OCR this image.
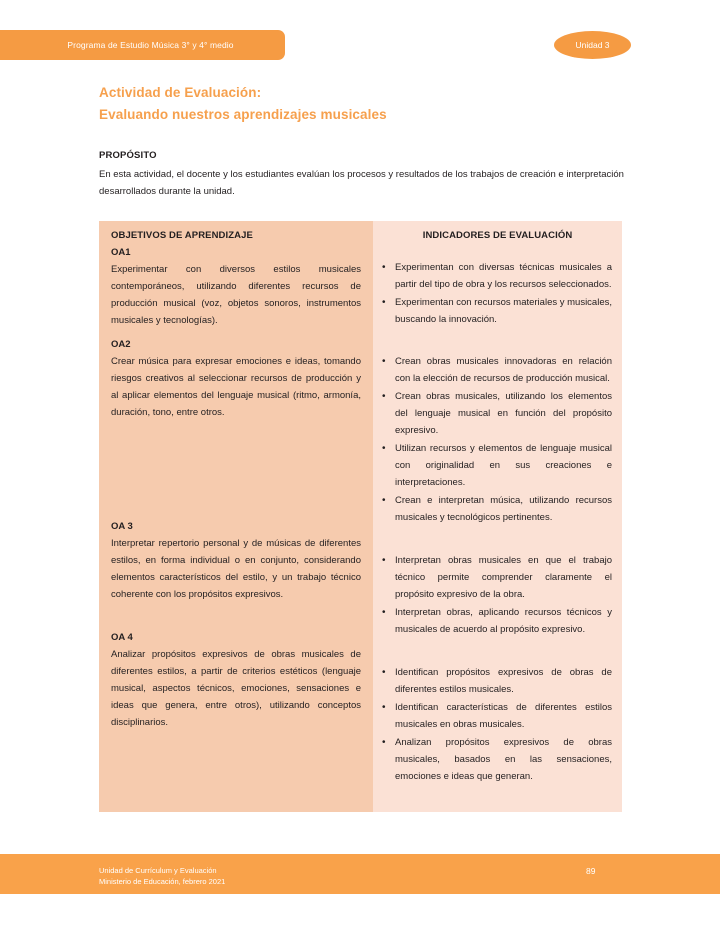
Programa de Estudio Música 3° y 4° medio	Unidad 3
Actividad de Evaluación:
Evaluando nuestros aprendizajes musicales
PROPÓSITO
En esta actividad, el docente y los estudiantes evalúan los procesos y resultados de los trabajos de creación e interpretación desarrollados durante la unidad.
OBJETIVOS DE APRENDIZAJE
OA1
Experimentar con diversos estilos musicales contemporáneos, utilizando diferentes recursos de producción musical (voz, objetos sonoros, instrumentos musicales y tecnologías).
OA2
Crear música para expresar emociones e ideas, tomando riesgos creativos al seleccionar recursos de producción y al aplicar elementos del lenguaje musical (ritmo, armonía, duración, tono, entre otros.
OA 3
Interpretar repertorio personal y de músicas de diferentes estilos, en forma individual o en conjunto, considerando elementos característicos del estilo, y un trabajo técnico coherente con los propósitos expresivos.
OA 4
Analizar propósitos expresivos de obras musicales de diferentes estilos, a partir de criterios estéticos (lenguaje musical, aspectos técnicos, emociones, sensaciones e ideas que genera, entre otros), utilizando conceptos disciplinarios.
INDICADORES DE EVALUACIÓN
• Experimentan con diversas técnicas musicales a partir del tipo de obra y los recursos seleccionados.
• Experimentan con recursos materiales y musicales, buscando la innovación.
• Crean obras musicales innovadoras en relación con la elección de recursos de producción musical.
• Crean obras musicales, utilizando los elementos del lenguaje musical en función del propósito expresivo.
• Utilizan recursos y elementos de lenguaje musical con originalidad en sus creaciones e interpretaciones.
• Crean e interpretan música, utilizando recursos musicales y tecnológicos pertinentes.
• Interpretan obras musicales en que el trabajo técnico permite comprender claramente el propósito expresivo de la obra.
• Interpretan obras, aplicando recursos técnicos y musicales de acuerdo al propósito expresivo.
• Identifican propósitos expresivos de obras de diferentes estilos musicales.
• Identifican características de diferentes estilos musicales en obras musicales.
• Analizan propósitos expresivos de obras musicales, basados en las sensaciones, emociones e ideas que generan.
Unidad de Currículum y Evaluación
Ministerio de Educación, febrero 2021
89
